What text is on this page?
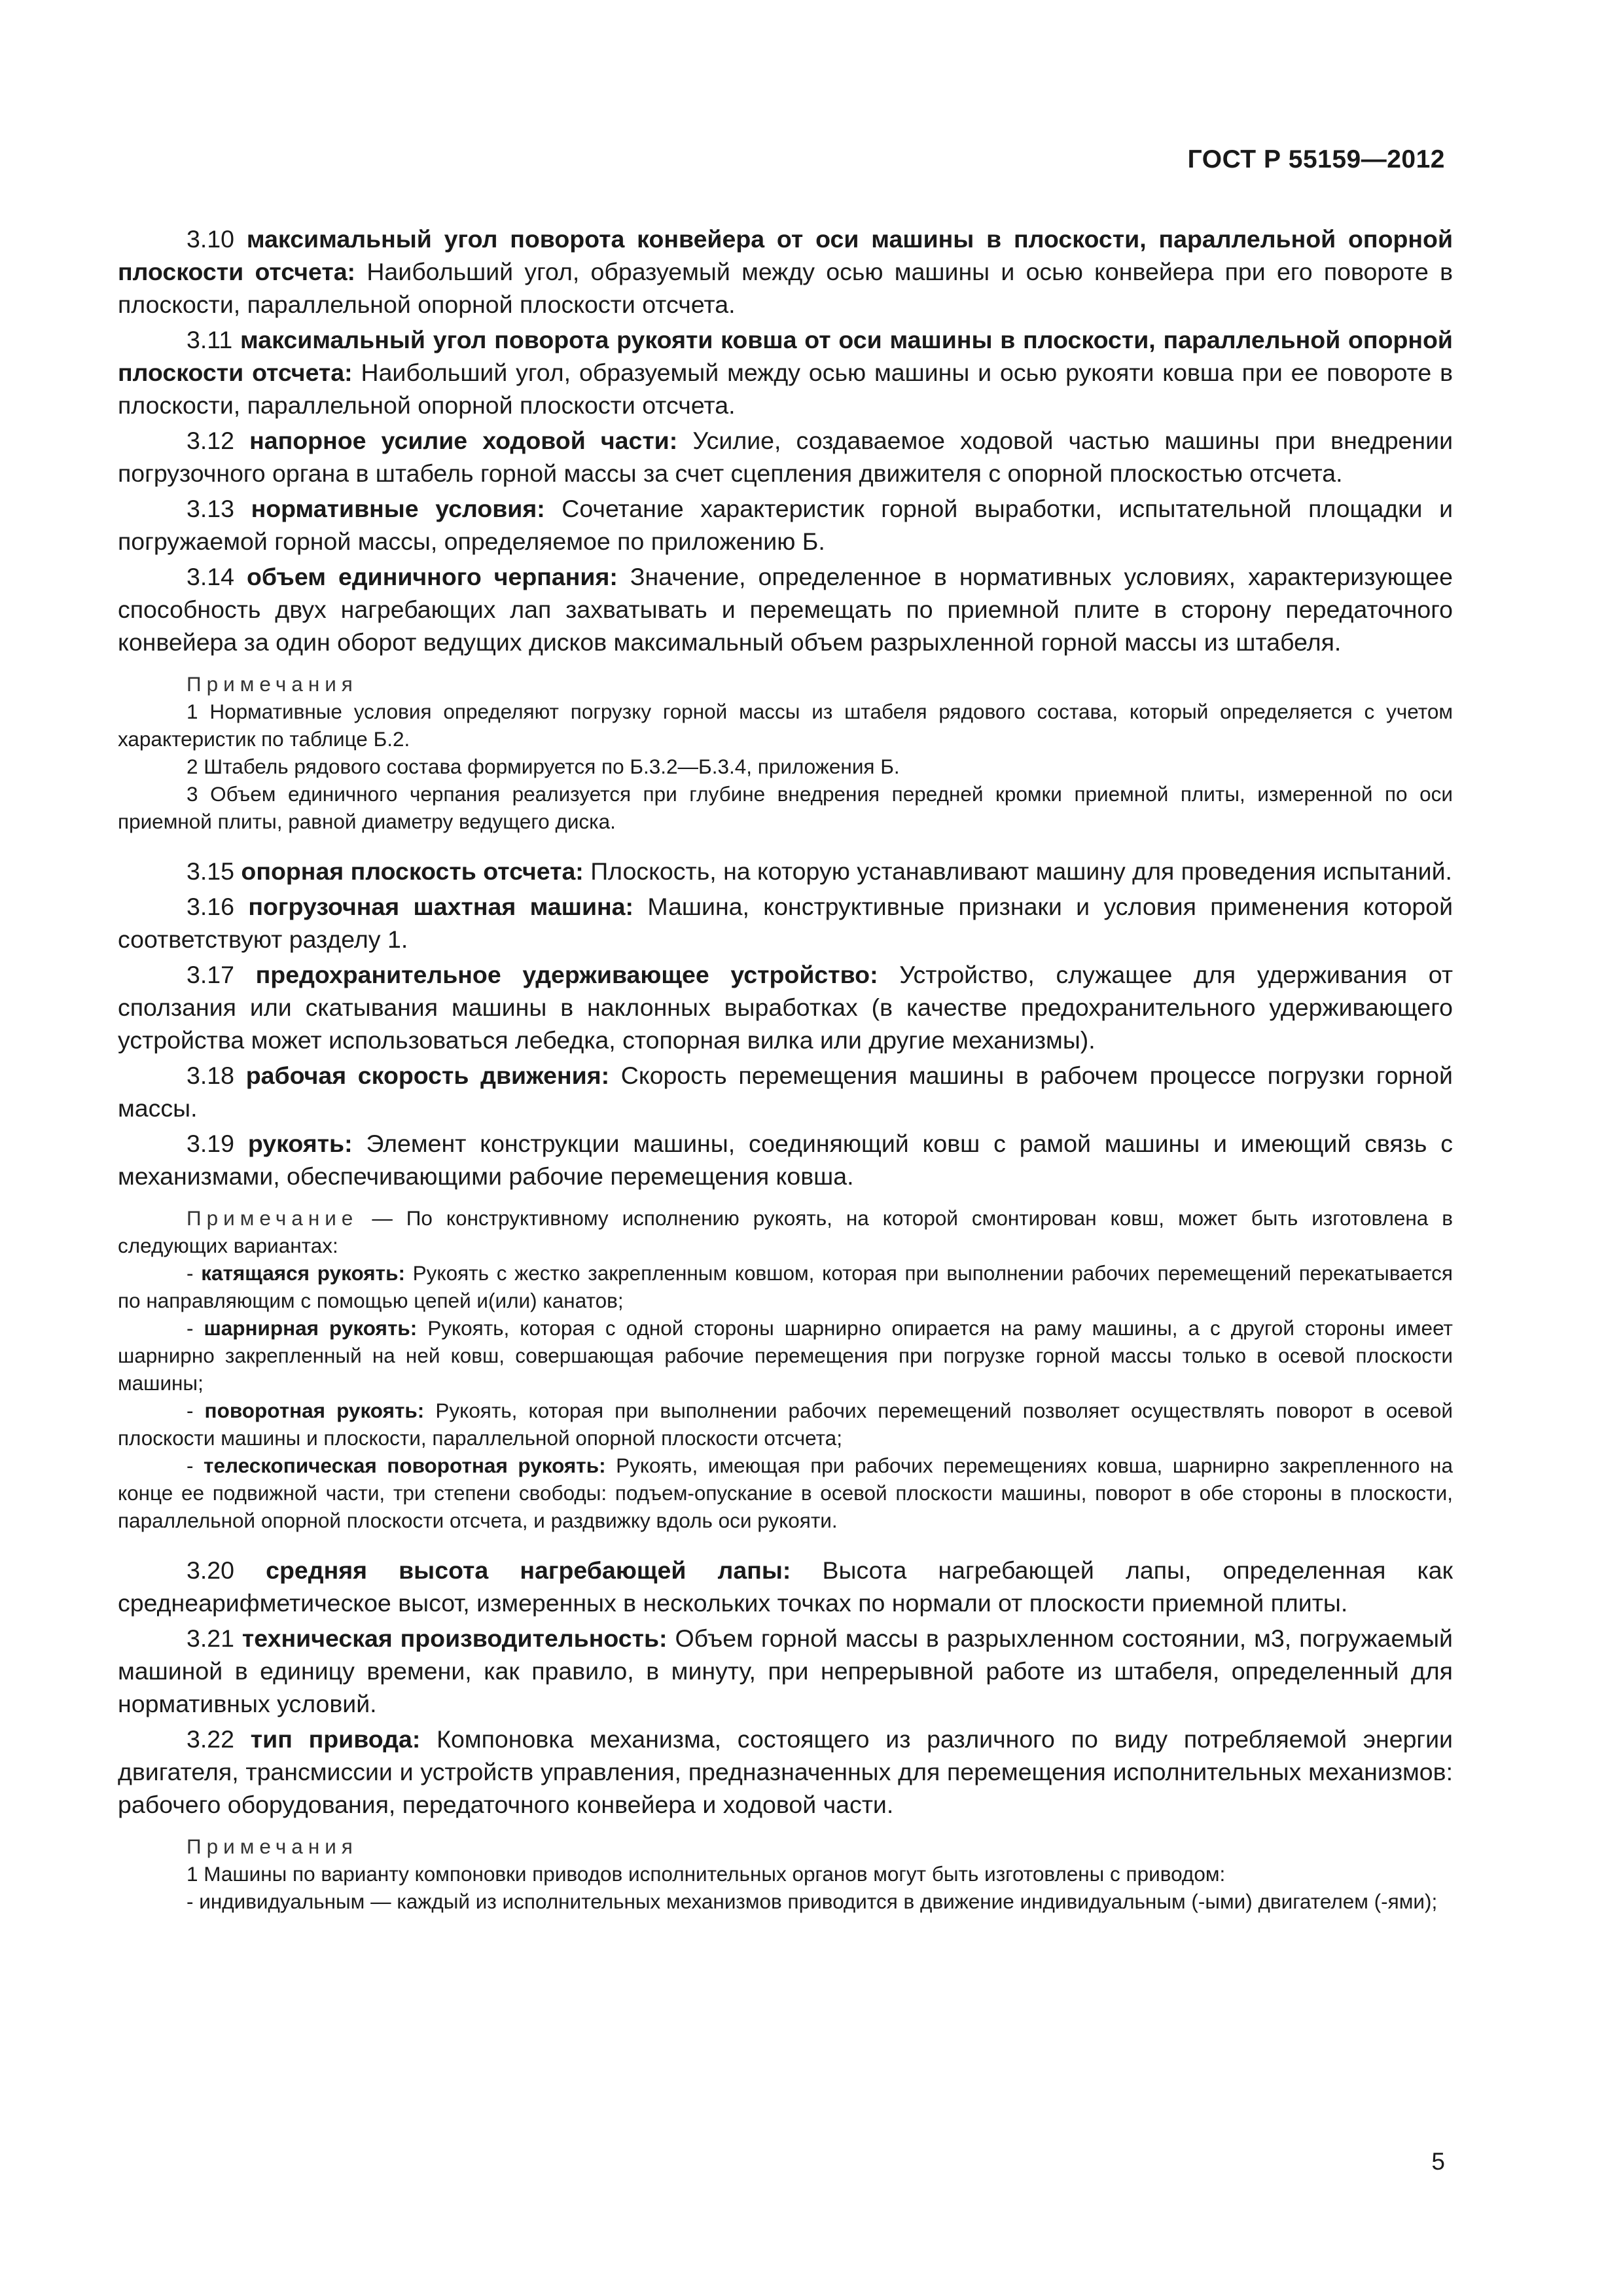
ГОСТ Р 55159—2012

3.10 максимальный угол поворота конвейера от оси машины в плоскости, параллельной опорной плоскости отсчета: Наибольший угол, образуемый между осью машины и осью конвейера при его повороте в плоскости, параллельной опорной плоскости отсчета.

3.11 максимальный угол поворота рукояти ковша от оси машины в плоскости, параллельной опорной плоскости отсчета: Наибольший угол, образуемый между осью машины и осью рукояти ковша при ее повороте в плоскости, параллельной опорной плоскости отсчета.

3.12 напорное усилие ходовой части: Усилие, создаваемое ходовой частью машины при внедрении погрузочного органа в штабель горной массы за счет сцепления движителя с опорной плоскостью отсчета.

3.13 нормативные условия: Сочетание характеристик горной выработки, испытательной площадки и погружаемой горной массы, определяемое по приложению Б.

3.14 объем единичного черпания: Значение, определенное в нормативных условиях, характеризующее способность двух нагребающих лап захватывать и перемещать по приемной плите в сторону передаточного конвейера за один оборот ведущих дисков максимальный объем разрыхленной горной массы из штабеля.

Примечания

1 Нормативные условия определяют погрузку горной массы из штабеля рядового состава, который определяется с учетом характеристик по таблице Б.2.

2 Штабель рядового состава формируется по Б.3.2—Б.3.4, приложения Б.

3 Объем единичного черпания реализуется при глубине внедрения передней кромки приемной плиты, измеренной по оси приемной плиты, равной диаметру ведущего диска.

3.15 опорная плоскость отсчета: Плоскость, на которую устанавливают машину для проведения испытаний.

3.16 погрузочная шахтная машина: Машина, конструктивные признаки и условия применения которой соответствуют разделу 1.

3.17 предохранительное удерживающее устройство: Устройство, служащее для удерживания от сползания или скатывания машины в наклонных выработках (в качестве предохранительного удерживающего устройства может использоваться лебедка, стопорная вилка или другие механизмы).

3.18 рабочая скорость движения: Скорость перемещения машины в рабочем процессе погрузки горной массы.

3.19 рукоять: Элемент конструкции машины, соединяющий ковш с рамой машины и имеющий связь с механизмами, обеспечивающими рабочие перемещения ковша.

Примечание — По конструктивному исполнению рукоять, на которой смонтирован ковш, может быть изготовлена в следующих вариантах:

- катящаяся рукоять: Рукоять с жестко закрепленным ковшом, которая при выполнении рабочих перемещений перекатывается по направляющим с помощью цепей и(или) канатов;

- шарнирная рукоять: Рукоять, которая с одной стороны шарнирно опирается на раму машины, а с другой стороны имеет шарнирно закрепленный на ней ковш, совершающая рабочие перемещения при погрузке горной массы только в осевой плоскости машины;

- поворотная рукоять: Рукоять, которая при выполнении рабочих перемещений позволяет осуществлять поворот в осевой плоскости машины и плоскости, параллельной опорной плоскости отсчета;

- телескопическая поворотная рукоять: Рукоять, имеющая при рабочих перемещениях ковша, шарнирно закрепленного на конце ее подвижной части, три степени свободы: подъем-опускание в осевой плоскости машины, поворот в обе стороны в плоскости, параллельной опорной плоскости отсчета, и раздвижку вдоль оси рукояти.

3.20 средняя высота нагребающей лапы: Высота нагребающей лапы, определенная как среднеарифметическое высот, измеренных в нескольких точках по нормали от плоскости приемной плиты.

3.21 техническая производительность: Объем горной массы в разрыхленном состоянии, м3, погружаемый машиной в единицу времени, как правило, в минуту, при непрерывной работе из штабеля, определенный для нормативных условий.

3.22 тип привода: Компоновка механизма, состоящего из различного по виду потребляемой энергии двигателя, трансмиссии и устройств управления, предназначенных для перемещения исполнительных механизмов: рабочего оборудования, передаточного конвейера и ходовой части.

Примечания

1 Машины по варианту компоновки приводов исполнительных органов могут быть изготовлены с приводом:

- индивидуальным — каждый из исполнительных механизмов приводится в движение индивидуальным (-ыми) двигателем (-ями);

5
